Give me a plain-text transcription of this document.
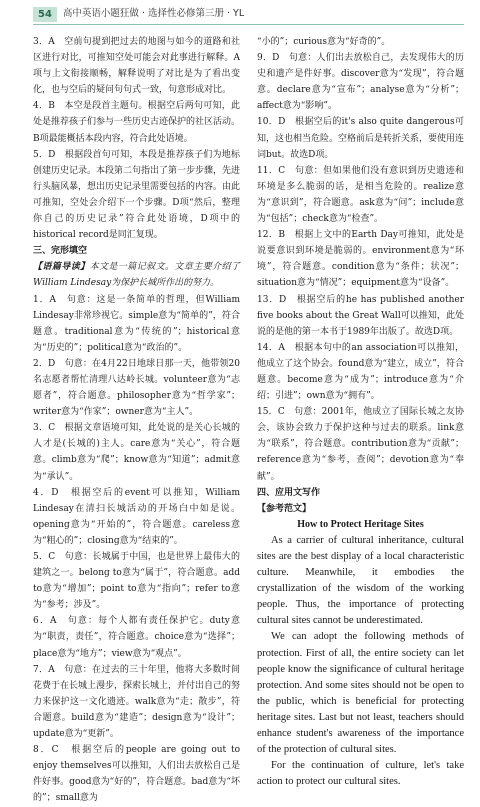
54	高中英语小题狂做 · 选择性必修第三册 · YL

3．A　空前句提到把过去的地图与如今的道路和社区进行对比，可推知空处可能会对此事进行解释。A项与上文衔接顺畅，解释说明了对比是为了看出变化，也与空后的疑问句句式一致，句意形成对比。

4．B　本空是段首主题句。根据空后两句可知，此处是推荐孩子们参与一些历史古迹保护的社区活动。B项最能概括本段内容，符合此处语境。

5．D　根据段首句可知，本段是推荐孩子们为地标创建历史记录。本段第二句指出了第一步步骤，先进行头脑风暴，想出历史记录里需要包括的内容。由此可推知，空处会介绍下一个步骤。D项“然后，整理你自己的历史记录”符合此处语境，D项中的historical record是同汇复现。

三、完形填空

【语篇导读】本文是一篇记叙文。文章主要介绍了William Lindesay为保护长城所作出的努力。

1．A　句意：这是一条简单的哲理，但William Lindesay非常珍视它。simple意为“简单的”，符合题意。traditional意为“传统的”；historical意为“历史的”；political意为“政治的”。

2．D　句意：在4月22日地球日那一天，他带领20名志愿者帮忙清理八达岭长城。volunteer意为“志愿者”，符合题意。philosopher意为“哲学家”；writer意为“作家”；owner意为“主人”。

3．C　根据文章语境可知，此处说的是关心长城的人才是(长城的)主人。care意为“关心”，符合题意。climb意为“爬”；know意为“知道”；admit意为“承认”。

4．D　根据空后的event可以推知，William Lindesay在清扫长城活动的开场白中如是说。opening意为“开始的”，符合题意。careless意为“粗心的”；closing意为“结束的”。

5．C　句意：长城属于中国，也是世界上最伟大的建筑之一。belong to意为“属于”，符合题意。add to意为“增加”；point to意为“指向”；refer to意为“参考；涉及”。

6．A　句意：每个人都有责任保护它。duty意为“职责，责任”，符合题意。choice意为“选择”；place意为“地方”；view意为“观点”。

7．A　句意：在过去的三十年里，他将大多数时间花费于在长城上漫步，探索长城上，并付出自己的努力来保护这一文化遗迹。walk意为“走；散步”，符合题意。build意为“建造”；design意为“设计”；update意为“更新”。

8．C　根据空后的people are going out to enjoy themselves可以推知，人们出去放松自己是件好事。good意为“好的”，符合题意。bad意为“坏的”；small意为

“小的”；curious意为“好奇的”。

9．D　句意：人们出去放松自己，去发现伟大的历史和遗产是件好事。discover意为“发现”，符合题意。declare意为“宣布”；analyse意为“分析”；affect意为“影响”。

10．D　根据空后的it's also quite dangerous可知，这也相当危险。空格前后是转折关系，要使用连词but。故选D项。

11．C　句意：但如果他们没有意识到历史遗迹和环境是多么脆弱的话，是相当危险的。realize意为“意识到”，符合题意。ask意为“问”；include意为“包括”；check意为“检查”。

12．B　根据上文中的Earth Day可推知，此处是说要意识到环境是脆弱的。environment意为“环境”，符合题意。condition意为“条件；状况”；situation意为“情况”；equipment意为“设备”。

13．D　根据空后的he has published another five books about the Great Wall可以推知，此处说的是他的第一本书于1989年出版了。故选D项。

14．A　根据本句中的an association可以推知，他成立了这个协会。found意为“建立，成立”，符合题意。become意为“成为”；introduce意为“介绍；引进”；own意为“拥有”。

15．C　句意：2001年，他成立了国际长城之友协会，该协会致力于保护这种与过去的联系。link意为“联系”，符合题意。contribution意为“贡献”；reference意为“参考，查阅”；devotion意为“奉献”。

四、应用文写作

【参考范文】

How to Protect Heritage Sites

As a carrier of cultural inheritance, cultural sites are the best display of a local characteristic culture. Meanwhile, it embodies the crystallization of the wisdom of the working people. Thus, the importance of protecting cultural sites cannot be underestimated.

We can adopt the following methods of protection. First of all, the entire society can let people know the significance of cultural heritage protection. And some sites should not be open to the public, which is beneficial for protecting heritage sites. Last but not least, teachers should enhance student's awareness of the importance of the protection of cultural sites.

For the continuation of culture, let's take action to protect our cultural sites.
